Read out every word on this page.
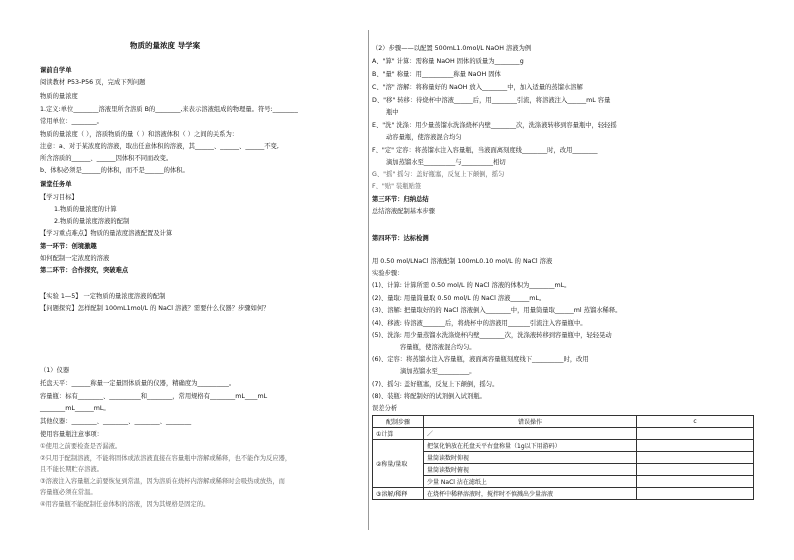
物质的量浓度 导学案
课前自学单
阅读教材 P53-P56 页，完成下列问题
物质的量浓度
1.定义:单位________溶液里所含溶质 B的________,来表示溶液组成的物理量。符号:________
常用单位：________。
物质的量浓度（ ），溶质物质的量（ ）和溶液体积（ ）之间的关系为：
注意：a、对于某浓度的溶液，取出任意体积的溶液，其______、______、______不变,
所含溶质的______、______因体积不同而改变。
b、体积必须是______的体积，而不是______的体积。
课堂任务单
【学习目标】
1.物质的量浓度的计算
2.物质的量浓度溶液的配制
【学习重点难点】物质的量浓度溶液配置及计算
第一环节：创境激趣
如何配制一定浓度的溶液
第二环节：合作探究，突破难点
【实验 1—5】 一定物质的量浓度溶液的配制
【问题探究】怎样配制 100mL1mol/L 的 NaCl 溶液？需要什么仪器？步骤如何？
（1）仪器
托盘天平：______称量一定量固体质量的仪器，精确度为__________。
容量瓶：标有________、__________和________，常用规格有________mL____mL
________mL______mL。
其他仪器：________、________、________、________
使用容量瓶注意事项：
①使用之前要检查是否漏液。
②只用于配制溶液，不能将固体或浓溶液直接在容量瓶中溶解或稀释，也不能作为反应器，
且不能长期贮存溶液。
③溶液注入容量瓶之前要恢复到常温，因为溶质在烧杯内溶解或稀释时会吸热或放热，而
容量瓶必须在常温。
④用容量瓶不能配制任意体积的溶液，因为其规格是固定的。
（2）步骤——以配置 500mL1.0mol/L NaOH 溶液为例
A、"算" 计算：需称量 NaOH 固体的质量为________g
B、"量" 称量：用__________称量 NaOH 固体
C、"溶" 溶解：将称量好的 NaOH 放入________中，加入适量的蒸馏水溶解
D、"移" 转移：待烧杯中溶液______后，用________引流，将溶液注入______mL 容量
瓶中
E、"洗" 洗涤：用少量蒸馏水洗涤烧杯内壁________次，洗涤液转移到容量瓶中，轻轻摇
动容量瓶，使溶液混合均匀
F、"定" 定容：将蒸馏水注入容量瓶，当液面离刻度线________时，改用________
滴加蒸馏水至__________与__________相切
G、"摇" 摇匀：盖好瓶塞，反复上下颠倒，摇匀
F、"贴" 装瓶贴签
第三环节：归纳总结
总结溶液配制基本步骤
第四环节：达标检测
用 0.50 mol/LNaCl 溶液配制 100mL0.10 mol/L 的 NaCl 溶液
实验步骤：
(1)、计算: 计算所需 0.50 mol/L 的 NaCl 溶液的体积为________mL。
(2)、量取: 用量筒量取 0.50 mol/L 的 NaCl 溶液______mL。
(3)、溶解: 把量取好的的 NaCl 溶液倒入________中，用量筒量取______ml 蒸馏水稀释。
(4)、移液: 待溶液_______后，将烧杯中的溶液用_______引流注入容量瓶中。
(5)、洗涤: 用少量蒸馏水洗涤烧杯内壁________次，洗涤液转移到容量瓶中，轻轻晃动
容量瓶，使溶液混合均匀。
(6)、定容：将蒸馏水注入容量瓶，液面离容量瓶刻度线下__________时，改用
滴加蒸馏水至__________。
(7)、摇匀: 盖好瓶塞，反复上下颠倒，摇匀。
(8)、装瓶: 将配制好的试剂倒入试剂瓶。
误差分析
配制步骤	错误操作	c
①计算	／	
②称量/量取	把氢化钠放在托盘天平右盘称量（1g以下用游码）	
	量筒读数时仰视	
	量筒读数时俯视	
	少量 NaCl 沾在滤纸上	
③溶解/稀释	在烧杯中稀释溶液时，搅拌时不慎溅出少量溶液	
